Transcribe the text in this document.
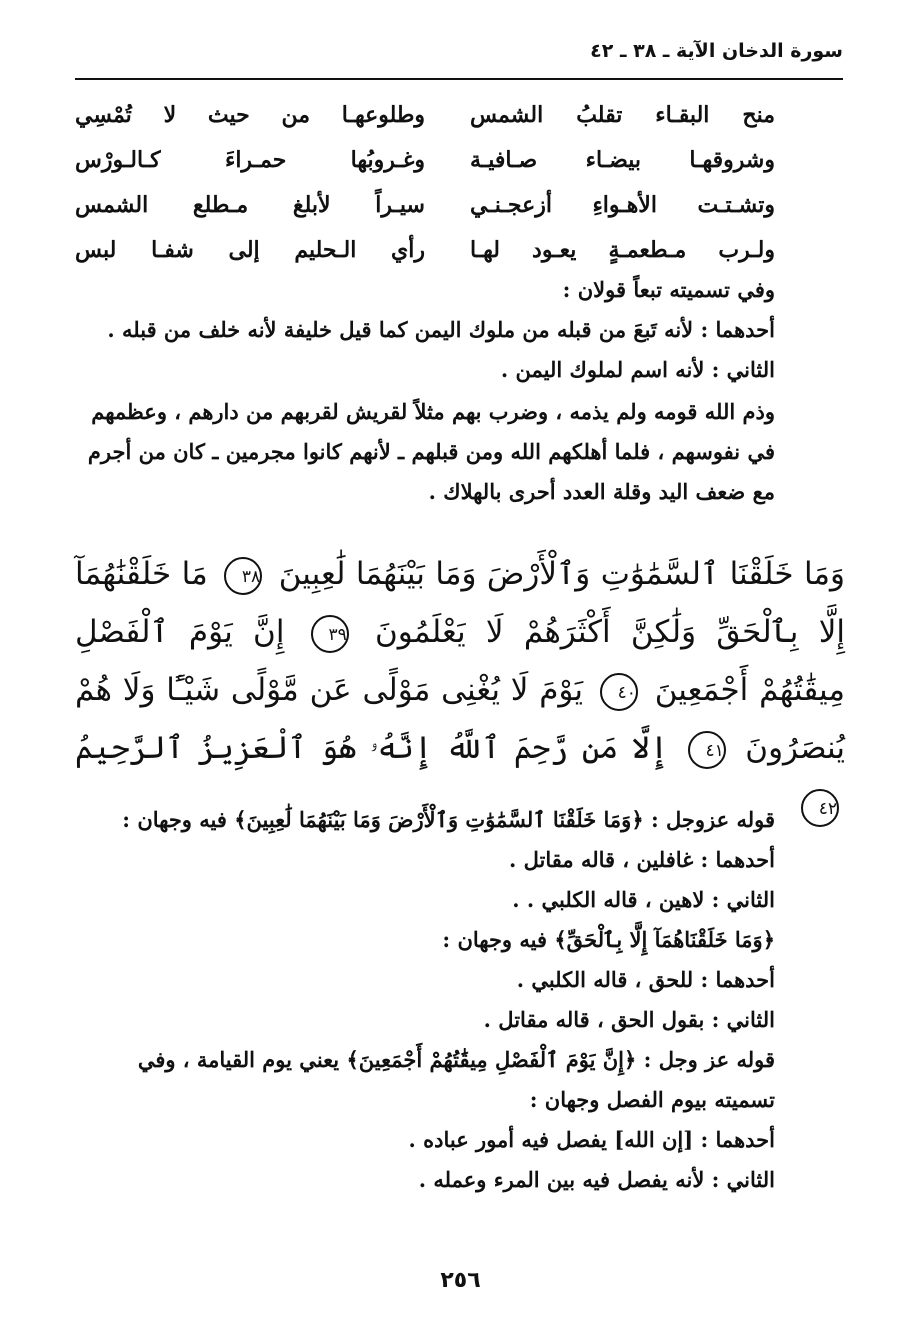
سورة الدخان الآية ـ ٣٨ ـ ٤٢
منح البقـاء تقلبُ الشمس
وطلوعهـا من حيث لا تُمْسِي
وشروقهـا بيضـاء صـافيـة
وغـروبُها حمـراءَ كـالـورْس
وتشـتـت الأهـواءِ أزعجـنـي
سيـراً لأبلغ مـطلع الشمس
ولـرب مـطعمـةٍ يعـود لهـا
رأي الـحليم إلى شفـا لبس

وفي تسميته تبعاً قولان :

أحدهما : لأنه تَبعَ من قبله من ملوك اليمن كما قيل خليفة لأنه خلف من قبله .

الثاني : لأنه اسم لملوك اليمن .

وذم الله قومه ولم يذمه ، وضرب بهم مثلاً لقريش لقربهم من دارهم ، وعظمهم في نفوسهم ، فلما أهلكهم الله ومن قبلهم ـ لأنهم كانوا مجرمين ـ كان من أجرم مع ضعف اليد وقلة العدد أحرى بالهلاك .

وَمَا خَلَقْنَا ٱلسَّمَٰوَٰتِ وَٱلْأَرْضَ وَمَا بَيْنَهُمَا لَٰعِبِينَ ٣٨ مَا خَلَقْنَٰهُمَآ إِلَّا بِٱلْحَقِّ وَلَٰكِنَّ أَكْثَرَهُمْ لَا يَعْلَمُونَ ٣٩ إِنَّ يَوْمَ ٱلْفَصْلِ مِيقَٰتُهُمْ أَجْمَعِينَ ٤٠ يَوْمَ لَا يُغْنِى مَوْلًى عَن مَّوْلًى شَيْـًٔا وَلَا هُمْ يُنصَرُونَ ٤١ إِلَّا مَن رَّحِمَ ٱللَّهُ إِنَّهُۥ هُوَ ٱلْعَزِيزُ ٱلرَّحِيمُ ٤٢

قوله عزوجل : ﴿وَمَا خَلَقْنَا ٱلسَّمَٰوَٰتِ وَٱلْأَرْضَ وَمَا بَيْنَهُمَا لَٰعِبِينَ﴾ فيه وجهان :

أحدهما : غافلين ، قاله مقاتل .

الثاني : لاهين ، قاله الكلبي . .

﴿وَمَا خَلَقْنَاهُمَآ إِلَّا بِٱلْحَقِّ﴾ فيه وجهان :

أحدهما : للحق ، قاله الكلبي .

الثاني : بقول الحق ، قاله مقاتل .

قوله عز وجل : ﴿إِنَّ يَوْمَ ٱلْفَصْلِ مِيقَٰتُهُمْ أَجْمَعِينَ﴾ يعني يوم القيامة ، وفي تسميته بيوم الفصل وجهان :

أحدهما : [إن الله] يفصل فيه أمور عباده .

الثاني : لأنه يفصل فيه بين المرء وعمله .

٢٥٦
